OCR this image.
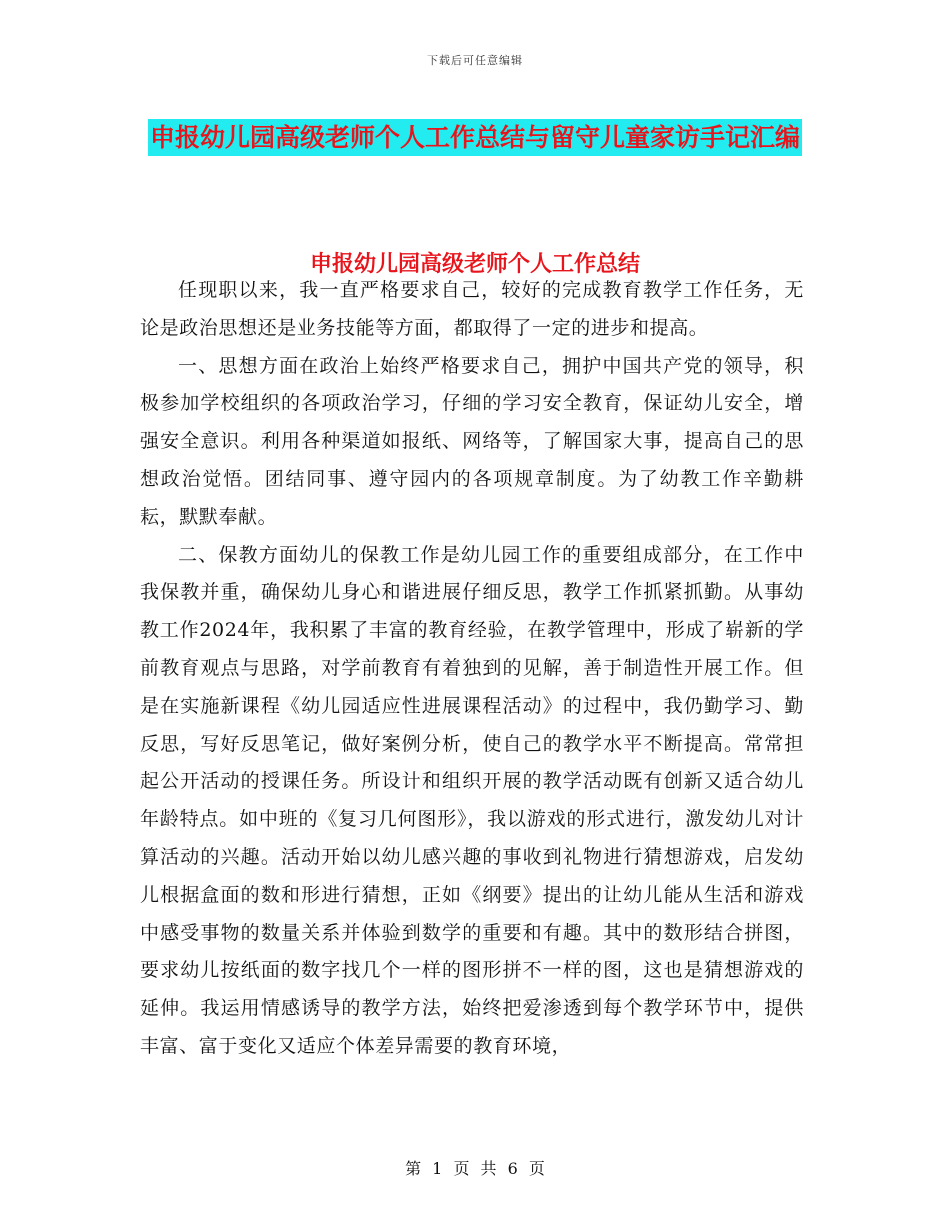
下载后可任意编辑
申报幼儿园高级老师个人工作总结与留守儿童家访手记汇编
申报幼儿园高级老师个人工作总结

任现职以来，我一直严格要求自己，较好的完成教育教学工作任务，无论是政治思想还是业务技能等方面，都取得了一定的进步和提高。

一、思想方面在政治上始终严格要求自己，拥护中国共产党的领导，积极参加学校组织的各项政治学习，仔细的学习安全教育，保证幼儿安全，增强安全意识。利用各种渠道如报纸、网络等，了解国家大事，提高自己的思想政治觉悟。团结同事、遵守园内的各项规章制度。为了幼教工作辛勤耕耘，默默奉献。

二、保教方面幼儿的保教工作是幼儿园工作的重要组成部分，在工作中我保教并重，确保幼儿身心和谐进展仔细反思，教学工作抓紧抓勤。从事幼教工作2024年，我积累了丰富的教育经验，在教学管理中，形成了崭新的学前教育观点与思路，对学前教育有着独到的见解，善于制造性开展工作。但是在实施新课程《幼儿园适应性进展课程活动》的过程中，我仍勤学习、勤反思，写好反思笔记，做好案例分析，使自己的教学水平不断提高。常常担起公开活动的授课任务。所设计和组织开展的教学活动既有创新又适合幼儿年龄特点。如中班的《复习几何图形》，我以游戏的形式进行，激发幼儿对计算活动的兴趣。活动开始以幼儿感兴趣的事收到礼物进行猜想游戏，启发幼儿根据盒面的数和形进行猜想，正如《纲要》提出的让幼儿能从生活和游戏中感受事物的数量关系并体验到数学的重要和有趣。其中的数形结合拼图，要求幼儿按纸面的数字找几个一样的图形拼不一样的图，这也是猜想游戏的延伸。我运用情感诱导的教学方法，始终把爱渗透到每个教学环节中，提供丰富、富于变化又适应个体差异需要的教育环境，

第 1 页 共 6 页
